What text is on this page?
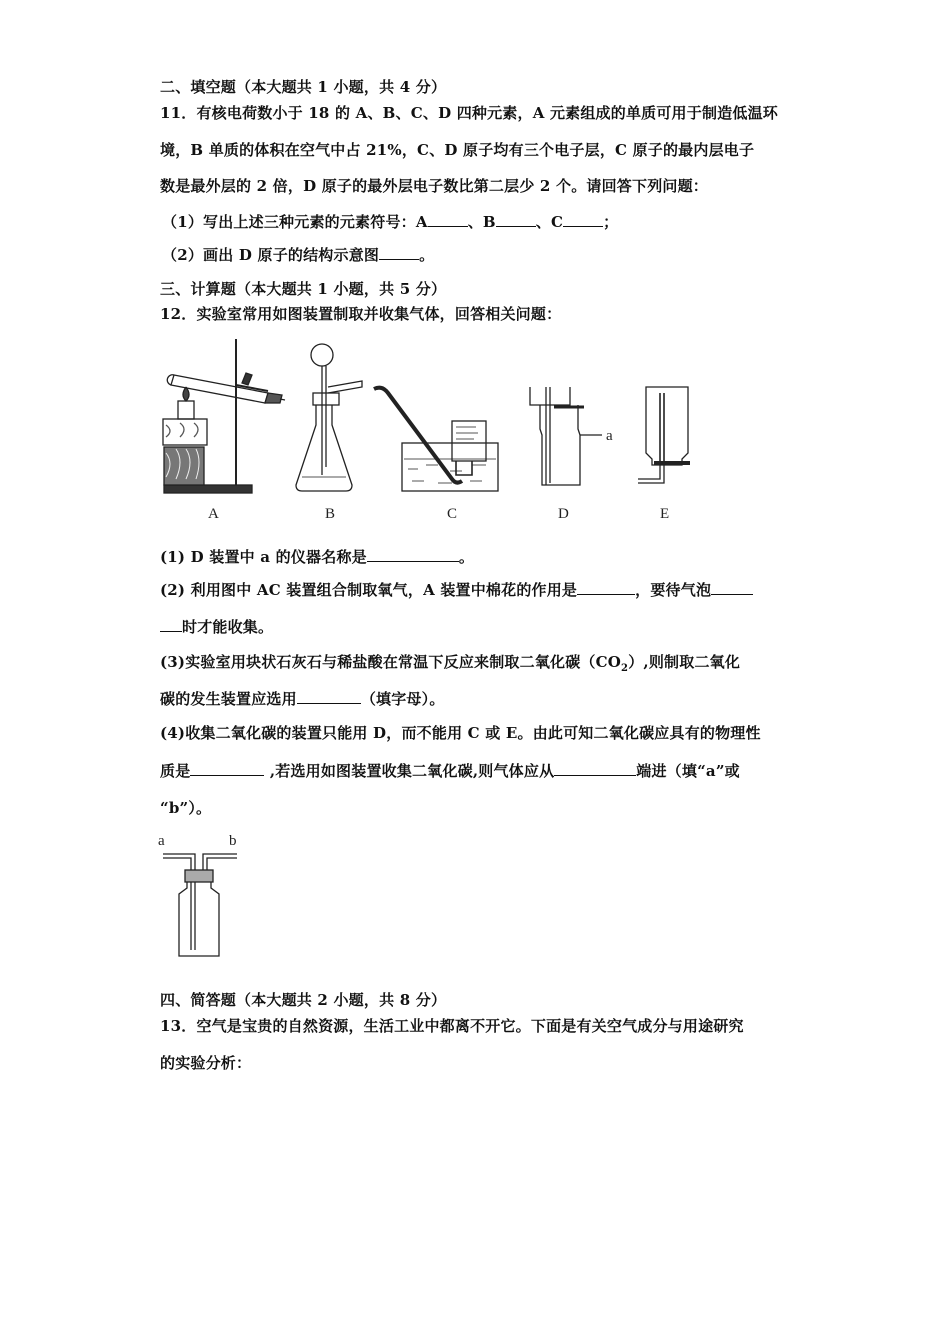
二、填空题（本大题共 1 小题，共 4 分）
11．有核电荷数小于 18 的 A、B、C、D 四种元素，A 元素组成的单质可用于制造低温环
境，B 单质的体积在空气中占 21%，C、D 原子均有三个电子层，C 原子的最内层电子
数是最外层的 2 倍，D 原子的最外层电子数比第二层少 2 个。请回答下列问题：
（1）写出上述三种元素的元素符号：A	、B	、C	；
（2）画出 D 原子的结构示意图	。
三、计算题（本大题共 1 小题，共 5 分）
12．实验室常用如图装置制取并收集气体，回答相关问题：
a
A	B	C	D	E
(1) D 装置中 a 的仪器名称是	。
(2) 利用图中 AC 装置组合制取氧气，A 装置中棉花的作用是	，要待气泡
时才能收集。
(3)实验室用块状石灰石与稀盐酸在常温下反应来制取二氧化碳$(CO_2)$,则制取二氧化
碳的发生装置应选用	（填字母）。
(4)收集二氧化碳的装置只能用 D，而不能用 C 或 E。由此可知二氧化碳应具有的物理性
质是	,若选用如图装置收集二氧化碳,则气体应从	端进（填“a”或
“b”）。
a	b
四、简答题（本大题共 2 小题，共 8 分）
13．空气是宝贵的自然资源，生活工业中都离不开它。下面是有关空气成分与用途研究
的实验分析：
